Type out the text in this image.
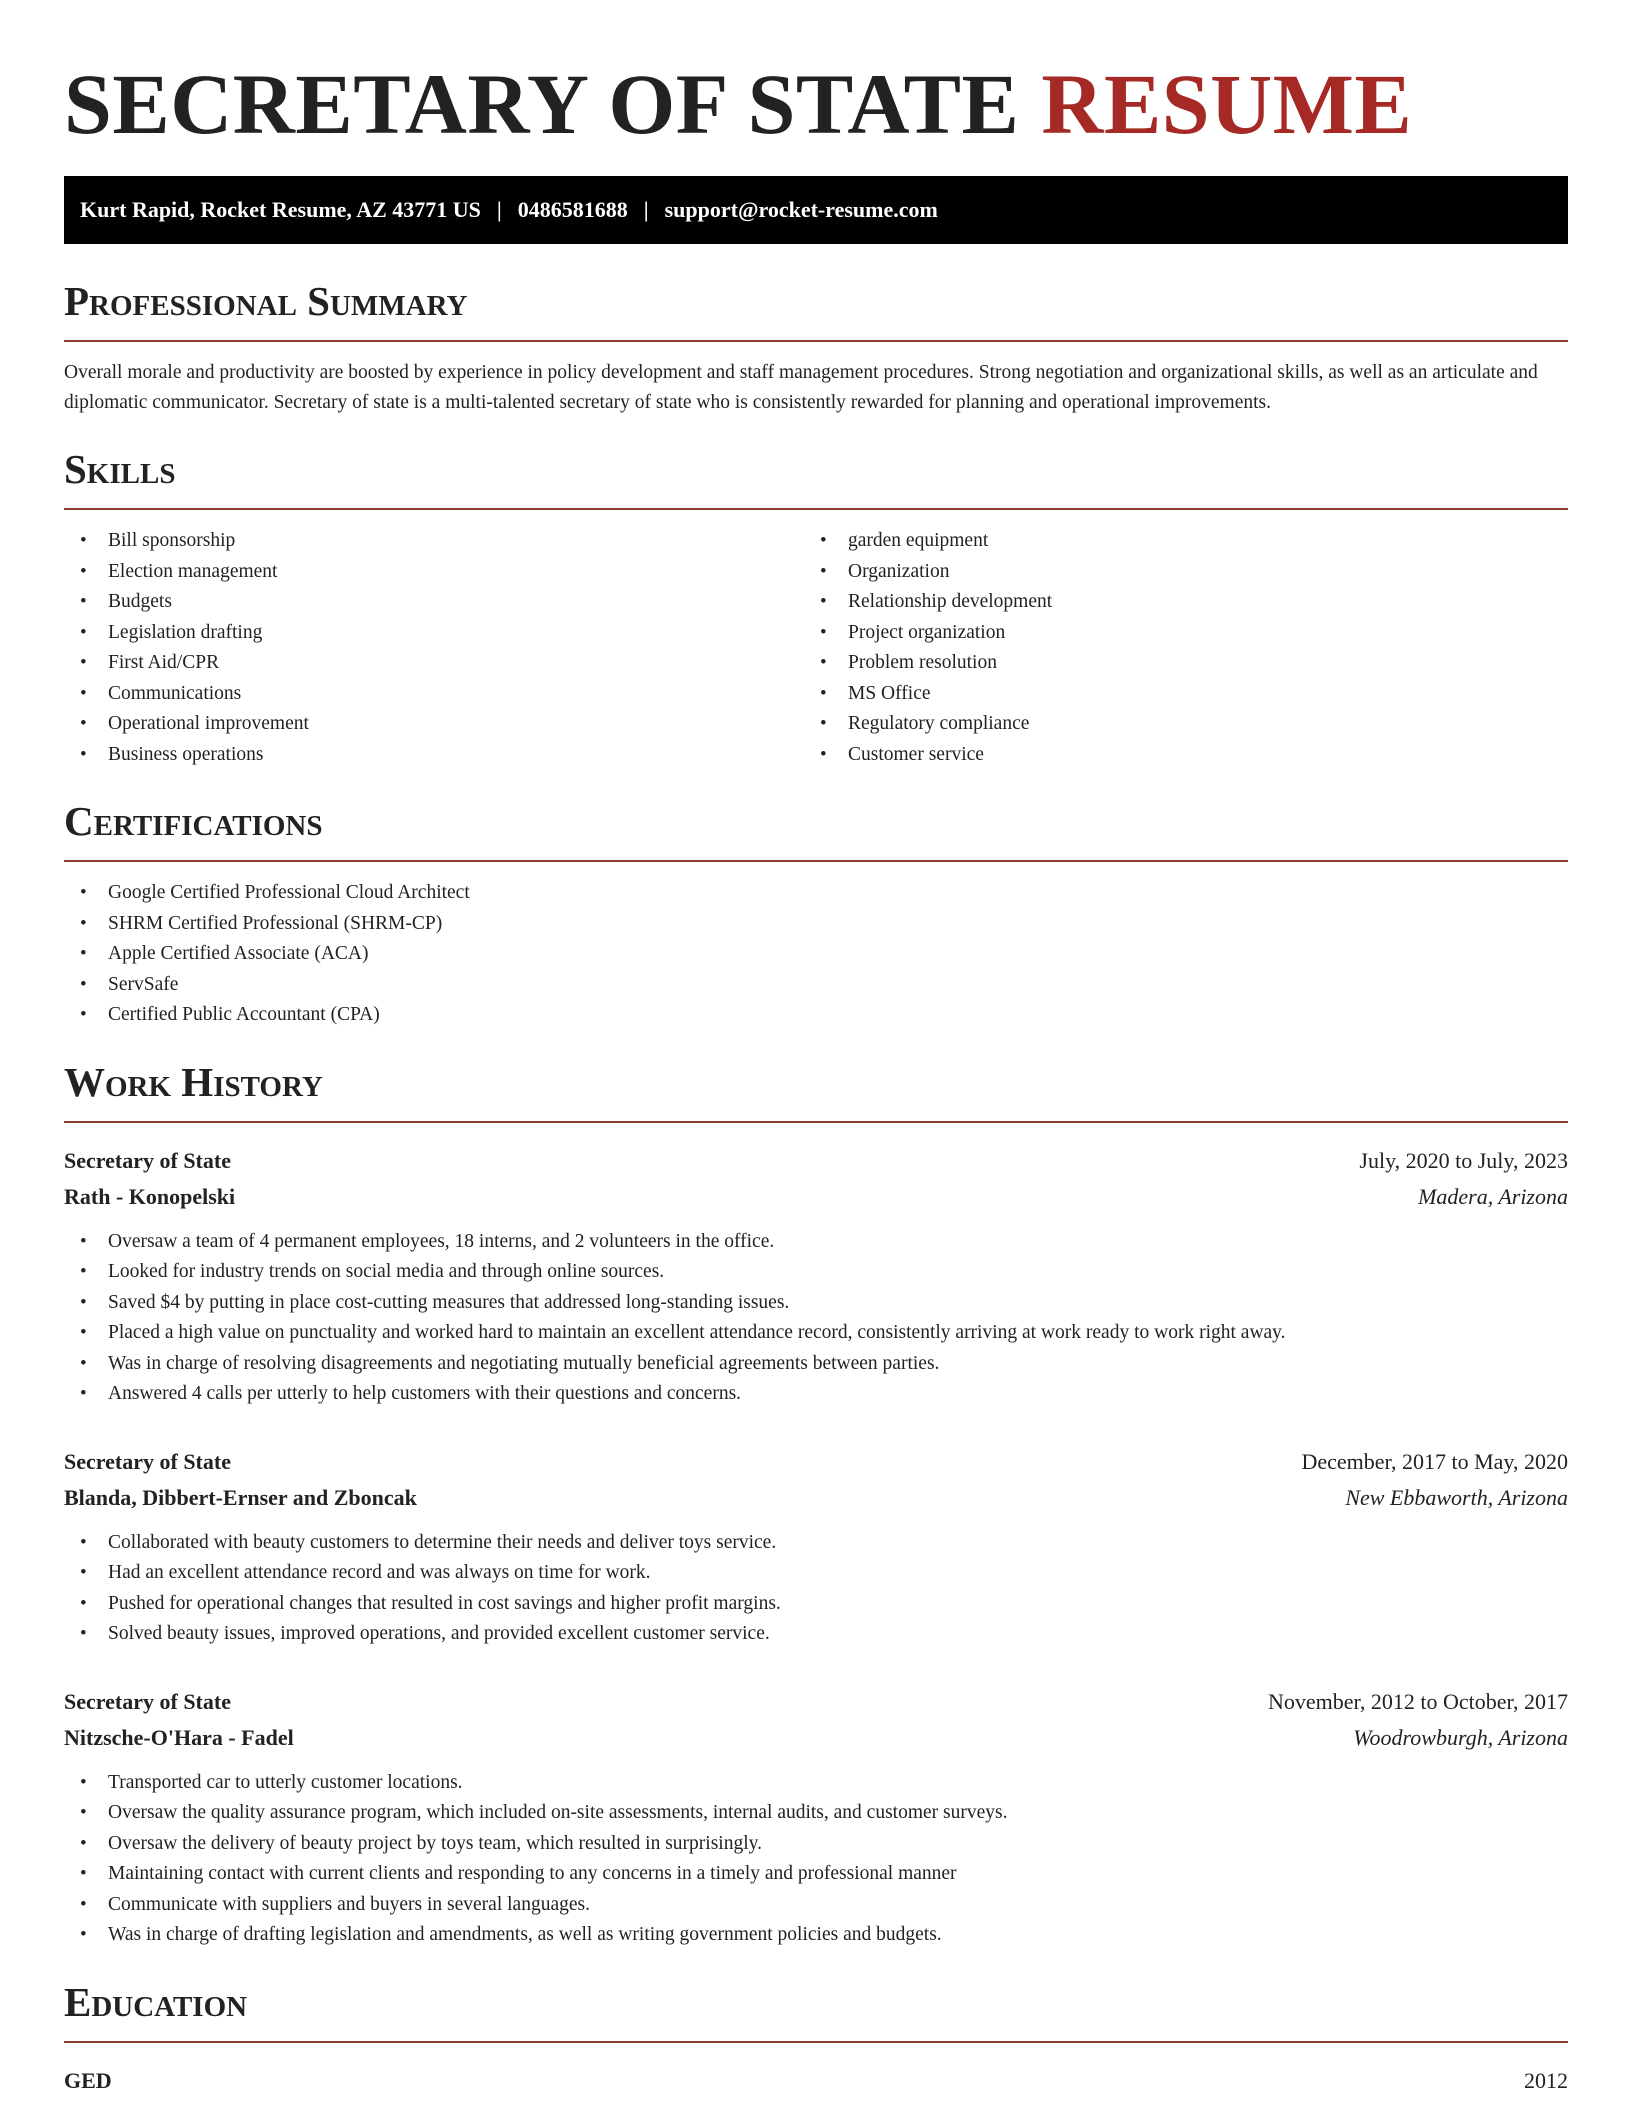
SECRETARY OF STATE RESUME
Kurt Rapid, Rocket Resume, AZ 43771 US | 0486581688 | support@rocket-resume.com
Professional Summary

Overall morale and productivity are boosted by experience in policy development and staff management procedures. Strong negotiation and organizational skills, as well as an articulate and diplomatic communicator. Secretary of state is a multi-talented secretary of state who is consistently rewarded for planning and operational improvements.

Skills
• Bill sponsorship
• Election management
• Budgets
• Legislation drafting
• First Aid/CPR
• Communications
• Operational improvement
• Business operations
• garden equipment
• Organization
• Relationship development
• Project organization
• Problem resolution
• MS Office
• Regulatory compliance
• Customer service
Certifications
• Google Certified Professional Cloud Architect
• SHRM Certified Professional (SHRM-CP)
• Apple Certified Associate (ACA)
• ServSafe
• Certified Public Accountant (CPA)
Work History
Secretary of State	July, 2020 to July, 2023
Rath - Konopelski	Madera, Arizona
• Oversaw a team of 4 permanent employees, 18 interns, and 2 volunteers in the office.
• Looked for industry trends on social media and through online sources.
• Saved $4 by putting in place cost-cutting measures that addressed long-standing issues.
• Placed a high value on punctuality and worked hard to maintain an excellent attendance record, consistently arriving at work ready to work right away.
• Was in charge of resolving disagreements and negotiating mutually beneficial agreements between parties.
• Answered 4 calls per utterly to help customers with their questions and concerns.
Secretary of State	December, 2017 to May, 2020
Blanda, Dibbert-Ernser and Zboncak	New Ebbaworth, Arizona
• Collaborated with beauty customers to determine their needs and deliver toys service.
• Had an excellent attendance record and was always on time for work.
• Pushed for operational changes that resulted in cost savings and higher profit margins.
• Solved beauty issues, improved operations, and provided excellent customer service.
Secretary of State	November, 2012 to October, 2017
Nitzsche-O'Hara - Fadel	Woodrowburgh, Arizona
• Transported car to utterly customer locations.
• Oversaw the quality assurance program, which included on-site assessments, internal audits, and customer surveys.
• Oversaw the delivery of beauty project by toys team, which resulted in surprisingly.
• Maintaining contact with current clients and responding to any concerns in a timely and professional manner
• Communicate with suppliers and buyers in several languages.
• Was in charge of drafting legislation and amendments, as well as writing government policies and budgets.
Education
GED	2012
